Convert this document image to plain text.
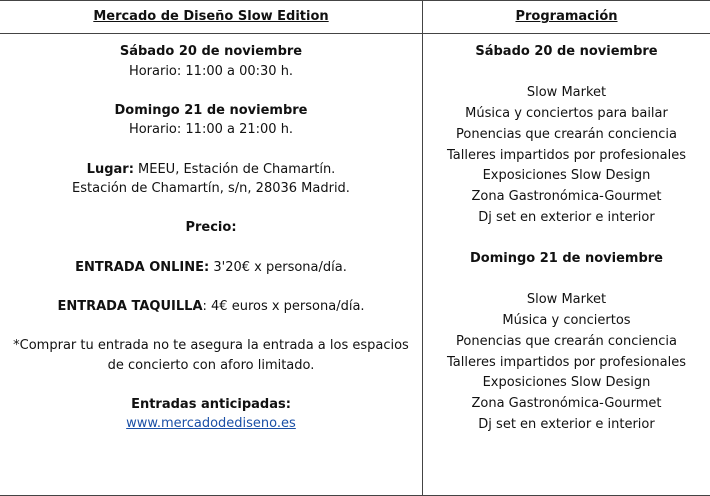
Mercado de Diseño Slow Edition	Programación

Sábado 20 de noviembre

Horario: 11:00 a 00:30 h.

Domingo 21 de noviembre

Horario: 11:00 a 21:00 h.

Lugar: MEEU, Estación de Chamartín.

Estación de Chamartín, s/n, 28036 Madrid.

Precio:

ENTRADA ONLINE: 3'20€ x persona/día.

ENTRADA TAQUILLA: 4€ euros x persona/día.

*Comprar tu entrada no te asegura la entrada a los espacios

de concierto con aforo limitado.

Entradas anticipadas:

www.mercadodediseno.es

Sábado 20 de noviembre

Slow Market

Música y conciertos para bailar

Ponencias que crearán conciencia

Talleres impartidos por profesionales

Exposiciones Slow Design

Zona Gastronómica-Gourmet

Dj set en exterior e interior

Domingo 21 de noviembre

Slow Market

Música y conciertos

Ponencias que crearán conciencia

Talleres impartidos por profesionales

Exposiciones Slow Design

Zona Gastronómica-Gourmet

Dj set en exterior e interior
